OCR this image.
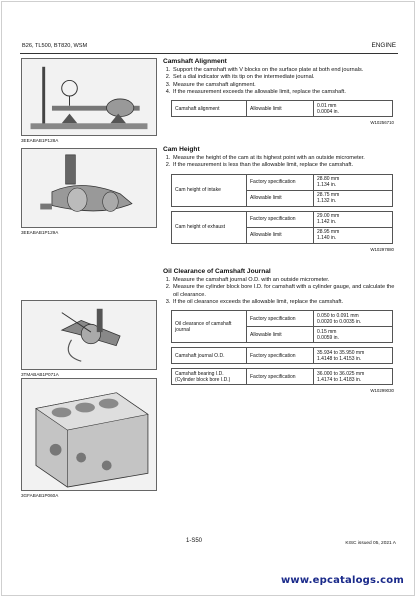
B26, TL500, BT820, WSM	ENGINE
3EEABAB1P128A
3EEABAB1P129A
3TMABAB1P071A
3GFABAB1P060A
Camshaft Alignment
1. Support the camshaft with V blocks on the surface plate at both end journals.
2. Set a dial indicator with its tip on the intermediate journal.
3. Measure the camshaft alignment.
4. If the measurement exceeds the allowable limit, replace the camshaft.
Camshaft alignment	Allowable limit	0.01 mm
0.0004 in.
W10256710
Cam Height
1. Measure the height of the cam at its highest point with an outside micrometer.
2. If the measurement is less than the allowable limit, replace the camshaft.
Cam height of intake	Factory specification	28.80 mm
1.134 in.

	Allowable limit	28.75 mm
1.132 in.
Cam height of exhaust	Factory specification	29.00 mm
1.142 in.

	Allowable limit	28.95 mm
1.140 in.
W10297880
Oil Clearance of Camshaft Journal
1. Measure the camshaft journal O.D. with an outside micrometer.
2. Measure the cylinder block bore I.D. for camshaft with a cylinder gauge, and calculate the oil clearance.
3. If the oil clearance exceeds the allowable limit, replace the camshaft.
Oil clearance of camshaft journal	Factory specification	0.050 to 0.091 mm
0.0020 to 0.0035 in.

	Allowable limit	0.15 mm
0.0059 in.
Camshaft journal O.D.	Factory specification	35.934 to 35.950 mm
1.4148 to 1.4153 in.
Camshaft bearing I.D. (Cylinder block bore I.D.)	Factory specification	36.000 to 36.025 mm
1.4174 to 1.4183 in.
W10299030
1-S50	KISC issued 05, 2021 A
www.epcatalogs.com
